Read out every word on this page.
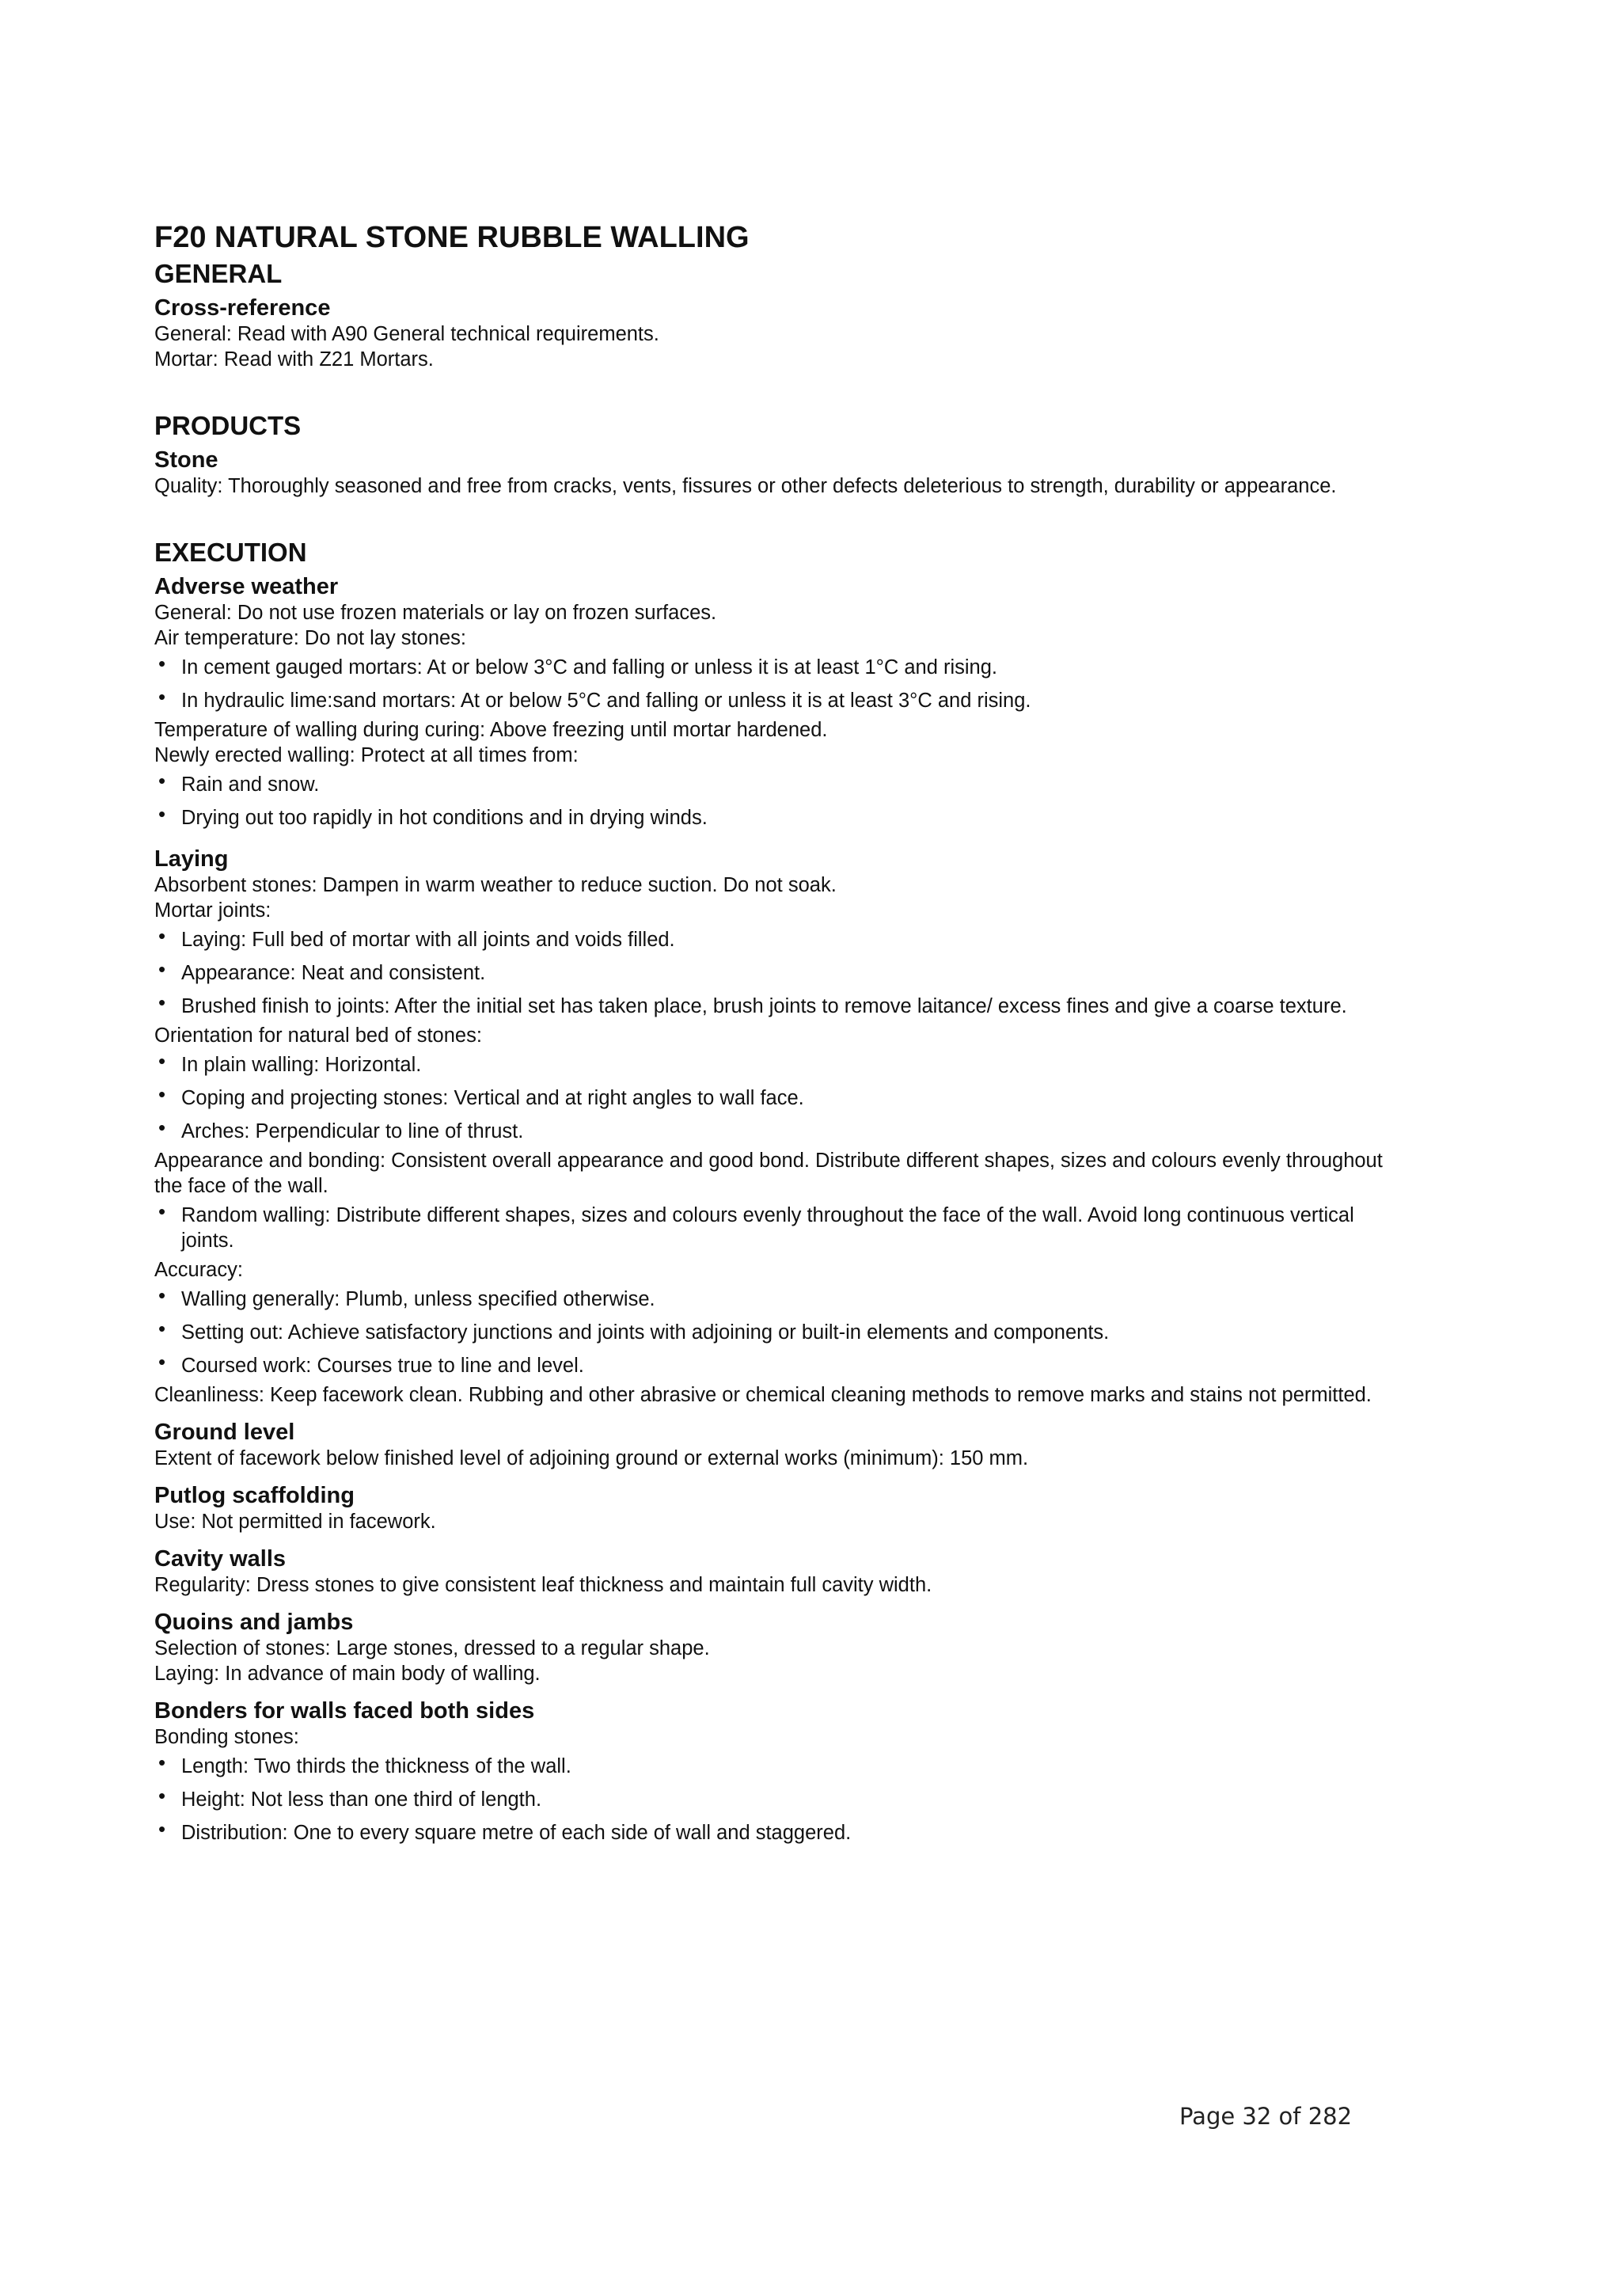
F20 NATURAL STONE RUBBLE WALLING
GENERAL
Cross-reference

General: Read with A90 General technical requirements.

Mortar: Read with Z21 Mortars.

PRODUCTS
Stone

Quality: Thoroughly seasoned and free from cracks, vents, fissures or other defects deleterious to strength, durability or appearance.

EXECUTION
Adverse weather

General: Do not use frozen materials or lay on frozen surfaces.

Air temperature: Do not lay stones:

• In cement gauged mortars: At or below 3°C and falling or unless it is at least 1°C and rising.
• In hydraulic lime:sand mortars: At or below 5°C and falling or unless it is at least 3°C and rising.

Temperature of walling during curing: Above freezing until mortar hardened.

Newly erected walling: Protect at all times from:

• Rain and snow.
• Drying out too rapidly in hot conditions and in drying winds.
Laying

Absorbent stones: Dampen in warm weather to reduce suction. Do not soak.

Mortar joints:

• Laying: Full bed of mortar with all joints and voids filled.
• Appearance: Neat and consistent.
• Brushed finish to joints: After the initial set has taken place, brush joints to remove laitance/ excess fines and give a coarse texture.

Orientation for natural bed of stones:

• In plain walling: Horizontal.
• Coping and projecting stones: Vertical and at right angles to wall face.
• Arches: Perpendicular to line of thrust.

Appearance and bonding: Consistent overall appearance and good bond. Distribute different shapes, sizes and colours evenly throughout the face of the wall.

• Random walling: Distribute different shapes, sizes and colours evenly throughout the face of the wall. Avoid long continuous vertical joints.

Accuracy:

• Walling generally: Plumb, unless specified otherwise.
• Setting out: Achieve satisfactory junctions and joints with adjoining or built-in elements and components.
• Coursed work: Courses true to line and level.

Cleanliness: Keep facework clean. Rubbing and other abrasive or chemical cleaning methods to remove marks and stains not permitted.

Ground level

Extent of facework below finished level of adjoining ground or external works (minimum): 150 mm.

Putlog scaffolding

Use: Not permitted in facework.

Cavity walls

Regularity: Dress stones to give consistent leaf thickness and maintain full cavity width.

Quoins and jambs

Selection of stones: Large stones, dressed to a regular shape.

Laying: In advance of main body of walling.

Bonders for walls faced both sides

Bonding stones:

• Length: Two thirds the thickness of the wall.
• Height: Not less than one third of length.
• Distribution: One to every square metre of each side of wall and staggered.
Page 32 of 282
